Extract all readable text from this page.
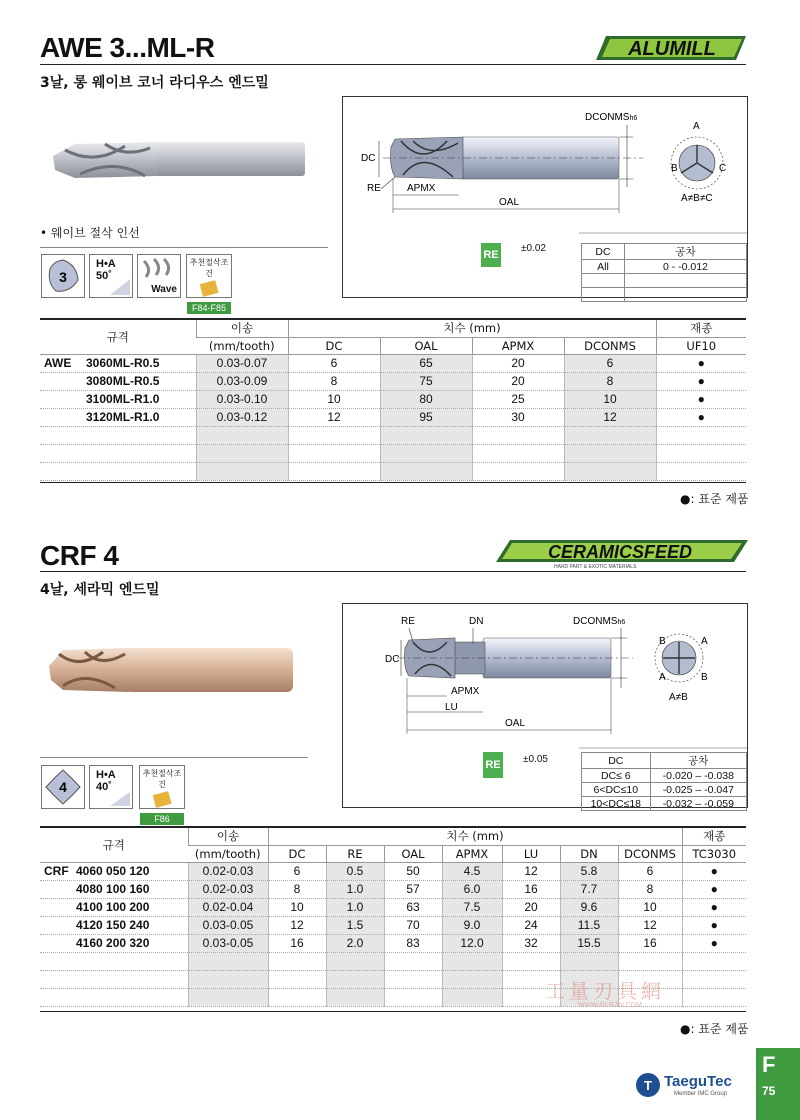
AWE 3...ML-R	ALUMILL
3날, 롱 웨이브 코너 라디우스 엔드밀
• 웨이브 절삭 인선
3
H•A
50˚
Wave
추천절삭조건
F84-F85
DCONMSh6
DC
RE	APMX
OAL
A
B	C
A≠B≠C
RE
±0.02	DC	공차
All	0 - -0.012

규격	이송	치수 (mm)				재종
	(mm/tooth)	DC	OAL	APMX	DCONMS	UF10
AWE 3060ML-R0.5	0.03-0.07	6	65	20	6	●
3080ML-R0.5	0.03-0.09	8	75	20	8	●
3100ML-R1.0	0.03-0.10	10	80	25	10	●
3120ML-R1.0	0.03-0.12	12	95	30	12	●

●: 표준 제품
CRF 4	CERAMICSFEED
HARD PART & EXOTIC MATERIALS
4날, 세라믹 엔드밀
4
H•A
40˚
추천절삭조건
F86
RE	DN	DCONMSh6
DC
APMX
LU
OAL
B	A
A	B
A≠B
RE ±0.05	DC	공차
DC≤ 6	-0.020 – -0.038
6<DC≤10	-0.025 – -0.047
10<DC≤18	-0.032 – -0.059
규격	이송	치수 (mm)							재종
	(mm/tooth)	DC	RE	OAL	APMX	LU	DN	DCONMS	TC3030
CRF 4060 050 120	0.02-0.03	6	0.5	50	4.5	12	5.8	6	●
4080 100 160	0.02-0.03	8	1.0	57	6.0	16	7.7	8	●
4100 100 200	0.02-0.04	10	1.0	63	7.5	20	9.6	10	●
4120 150 240	0.03-0.05	12	1.5	70	9.0	24	11.5	12	●
4160 200 320	0.03-0.05	16	2.0	83	12.0	32	15.5	16	●

●: 표준 제품
工量刃具網
WWW.GLRJW.COM
T TaeguTec
Member IMC Group
F
75
